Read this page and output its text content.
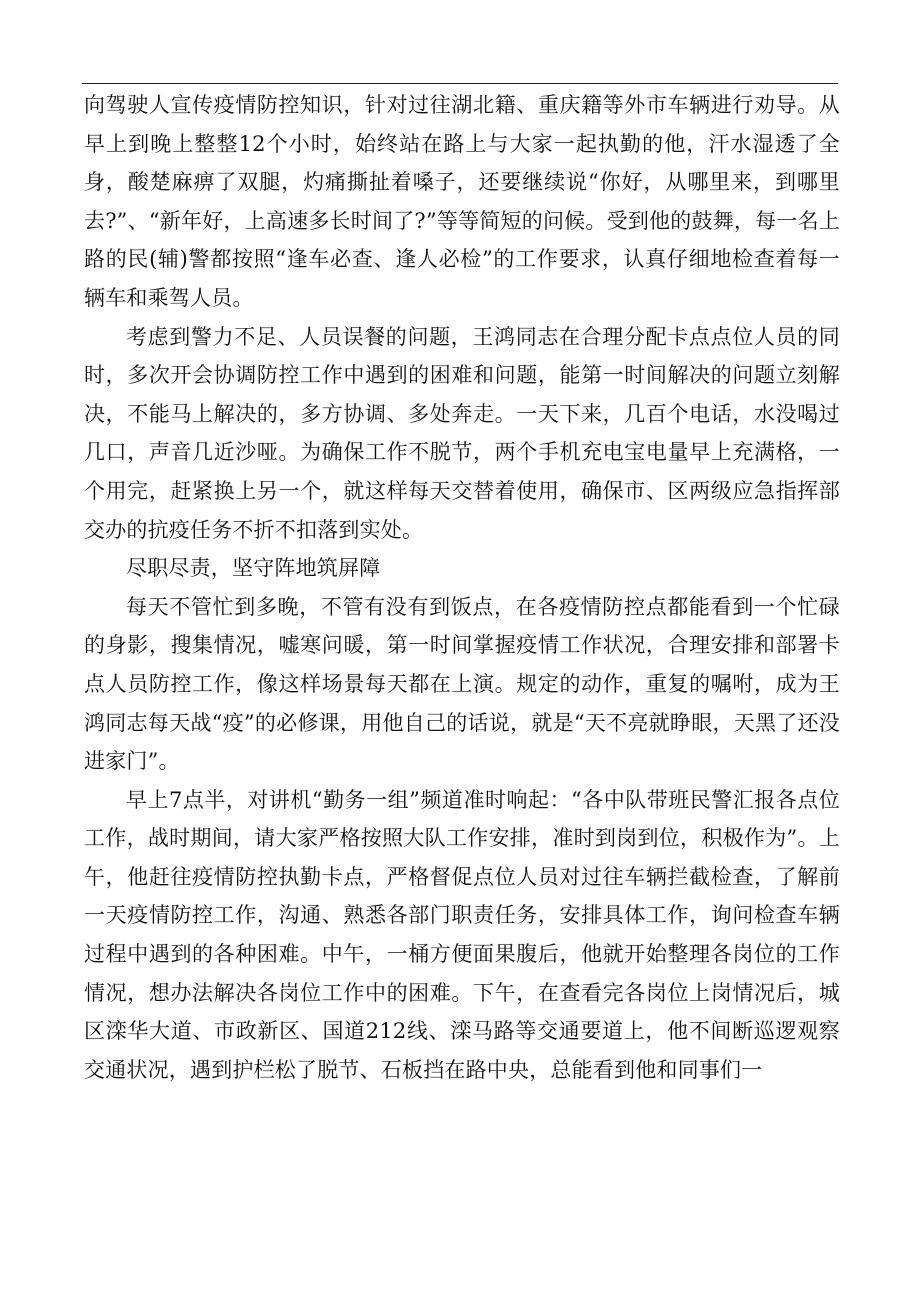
向驾驶人宣传疫情防控知识，针对过往湖北籍、重庆籍等外市车辆进行劝导。从早上到晚上整整12个小时，始终站在路上与大家一起执勤的他，汗水湿透了全身，酸楚麻痹了双腿，灼痛撕扯着嗓子，还要继续说“你好，从哪里来，到哪里去?”、“新年好，上高速多长时间了?”等等简短的问候。受到他的鼓舞，每一名上路的民(辅)警都按照“逢车必查、逢人必检”的工作要求，认真仔细地检查着每一辆车和乘驾人员。

考虑到警力不足、人员误餐的问题，王鸿同志在合理分配卡点点位人员的同时，多次开会协调防控工作中遇到的困难和问题，能第一时间解决的问题立刻解决，不能马上解决的，多方协调、多处奔走。一天下来，几百个电话，水没喝过几口，声音几近沙哑。为确保工作不脱节，两个手机充电宝电量早上充满格，一个用完，赶紧换上另一个，就这样每天交替着使用，确保市、区两级应急指挥部交办的抗疫任务不折不扣落到实处。

尽职尽责，坚守阵地筑屏障

每天不管忙到多晚，不管有没有到饭点，在各疫情防控点都能看到一个忙碌的身影，搜集情况，嘘寒问暖，第一时间掌握疫情工作状况，合理安排和部署卡点人员防控工作，像这样场景每天都在上演。规定的动作，重复的嘱咐，成为王鸿同志每天战“疫”的必修课，用他自己的话说，就是“天不亮就睁眼，天黑了还没进家门”。

早上7点半，对讲机“勤务一组”频道准时响起：“各中队带班民警汇报各点位工作，战时期间，请大家严格按照大队工作安排，准时到岗到位，积极作为”。上午，他赶往疫情防控执勤卡点，严格督促点位人员对过往车辆拦截检查，了解前一天疫情防控工作，沟通、熟悉各部门职责任务，安排具体工作，询问检查车辆过程中遇到的各种困难。中午，一桶方便面果腹后，他就开始整理各岗位的工作情况，想办法解决各岗位工作中的困难。下午，在查看完各岗位上岗情况后，城区滦华大道、市政新区、国道212线、滦马路等交通要道上，他不间断巡逻观察交通状况，遇到护栏松了脱节、石板挡在路中央，总能看到他和同事们一
